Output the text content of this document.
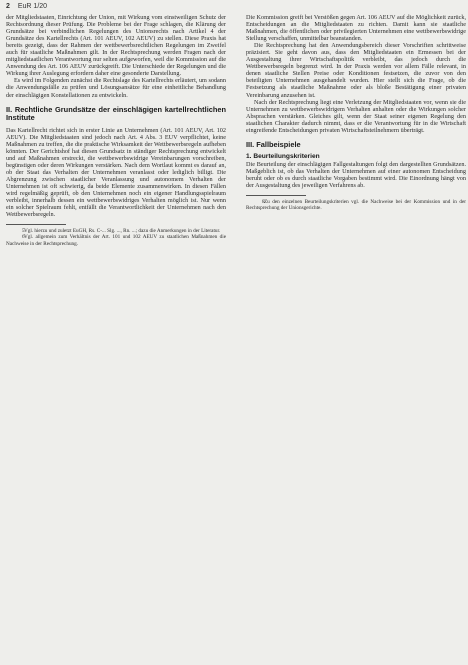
2 EuR 1/20

der Mitgliedstaaten, Einrichtung der Union, mit Wirkung vom einstweiligen Schutz der Rechtsordnung dieser Prüfung. Die Probleme bei der Frage schlagen, die Klärung der Grundsätze bei verbindlichen Regelungen des Unionsrechts nach Artikel 4 der Grundsätze des Kartellrechts (Art. 101 AEUV, 102 AEUV) zu stellen. Diese Praxis hat bereits gezeigt, dass der Rahmen der wettbewerbsrechtlichen Regelungen im Zweifel auch für staatliche Maßnahmen gilt. In der Rechtsprechung werden Fragen nach der mitgliedstaatlichen Verantwortung nur selten aufgeworfen, weil die Kommission auf die Anwendung des Art. 106 AEUV zurückgreift. Die Unterschiede der Regelungen und die Wirkung ihrer Auslegung erfordern daher eine gesonderte Darstellung.

Es wird im Folgenden zunächst die Rechtslage des Kartellrechts erläutert, um sodann die Anwendungsfälle zu prüfen und Lösungsansätze für eine einheitliche Behandlung der einschlägigen Konstellationen zu entwickeln.

II. Rechtliche Grundsätze der einschlägigen kartellrechtlichen Institute

Das Kartellrecht richtet sich in erster Linie an Unternehmen (Art. 101 AEUV, Art. 102 AEUV). Die Mitgliedstaaten sind jedoch nach Art. 4 Abs. 3 EUV verpflichtet, keine Maßnahmen zu treffen, die die praktische Wirksamkeit der Wettbewerbsregeln aufheben könnten. Der Gerichtshof hat diesen Grundsatz in ständiger Rechtsprechung entwickelt und auf Maßnahmen erstreckt, die wettbewerbswidrige Vereinbarungen vorschreiben, begünstigen oder deren Wirkungen verstärken. Nach dem Wortlaut kommt es darauf an, ob der Staat das Verhalten der Unternehmen veranlasst oder lediglich billigt. Die Abgrenzung zwischen staatlicher Veranlassung und autonomem Verhalten der Unternehmen ist oft schwierig, da beide Elemente zusammenwirken. In diesen Fällen wird regelmäßig geprüft, ob den Unternehmen noch ein eigener Handlungsspielraum verbleibt, innerhalb dessen ein wettbewerbswidriges Verhalten möglich ist. Nur wenn ein solcher Spielraum fehlt, entfällt die Verantwortlichkeit der Unternehmen nach den Wettbewerbsregeln.

5Vgl. hierzu und zuletzt EuGH, Rs. C-... Slg. ..., Rn. ...; dazu die Anmerkungen in der Literatur.

6Vgl. allgemein zum Verhältnis der Art. 101 und 102 AEUV zu staatlichen Maßnahmen die Nachweise in der Rechtsprechung.

Die Kommission greift bei Verstößen gegen Art. 106 AEUV auf die Möglichkeit zurück, Entscheidungen an die Mitgliedstaaten zu richten. Damit kann sie staatliche Maßnahmen, die öffentlichen oder privilegierten Unternehmen eine wettbewerbswidrige Stellung verschaffen, unmittelbar beanstanden.

Die Rechtsprechung hat den Anwendungsbereich dieser Vorschriften schrittweise präzisiert. Sie geht davon aus, dass den Mitgliedstaaten ein Ermessen bei der Ausgestaltung ihrer Wirtschaftspolitik verbleibt, das jedoch durch die Wettbewerbsregeln begrenzt wird. In der Praxis werden vor allem Fälle relevant, in denen staatliche Stellen Preise oder Konditionen festsetzen, die zuvor von den beteiligten Unternehmen ausgehandelt wurden. Hier stellt sich die Frage, ob die Festsetzung als staatliche Maßnahme oder als bloße Bestätigung einer privaten Vereinbarung anzusehen ist.

Nach der Rechtsprechung liegt eine Verletzung der Mitgliedstaaten vor, wenn sie die Unternehmen zu wettbewerbswidrigem Verhalten anhalten oder die Wirkungen solcher Absprachen verstärken. Gleiches gilt, wenn der Staat seiner eigenen Regelung den staatlichen Charakter dadurch nimmt, dass er die Verantwortung für in die Wirtschaft eingreifende Entscheidungen privaten Wirtschaftsteilnehmern überträgt.

III. Fallbeispiele
1. Beurteilungskriterien

Die Beurteilung der einschlägigen Fallgestaltungen folgt den dargestellten Grundsätzen. Maßgeblich ist, ob das Verhalten der Unternehmen auf einer autonomen Entscheidung beruht oder ob es durch staatliche Vorgaben bestimmt wird. Die Einordnung hängt von der Ausgestaltung des jeweiligen Verfahrens ab.

8Zu den einzelnen Beurteilungskriterien vgl. die Nachweise bei der Kommission und in der Rechtsprechung der Unionsgerichte.
